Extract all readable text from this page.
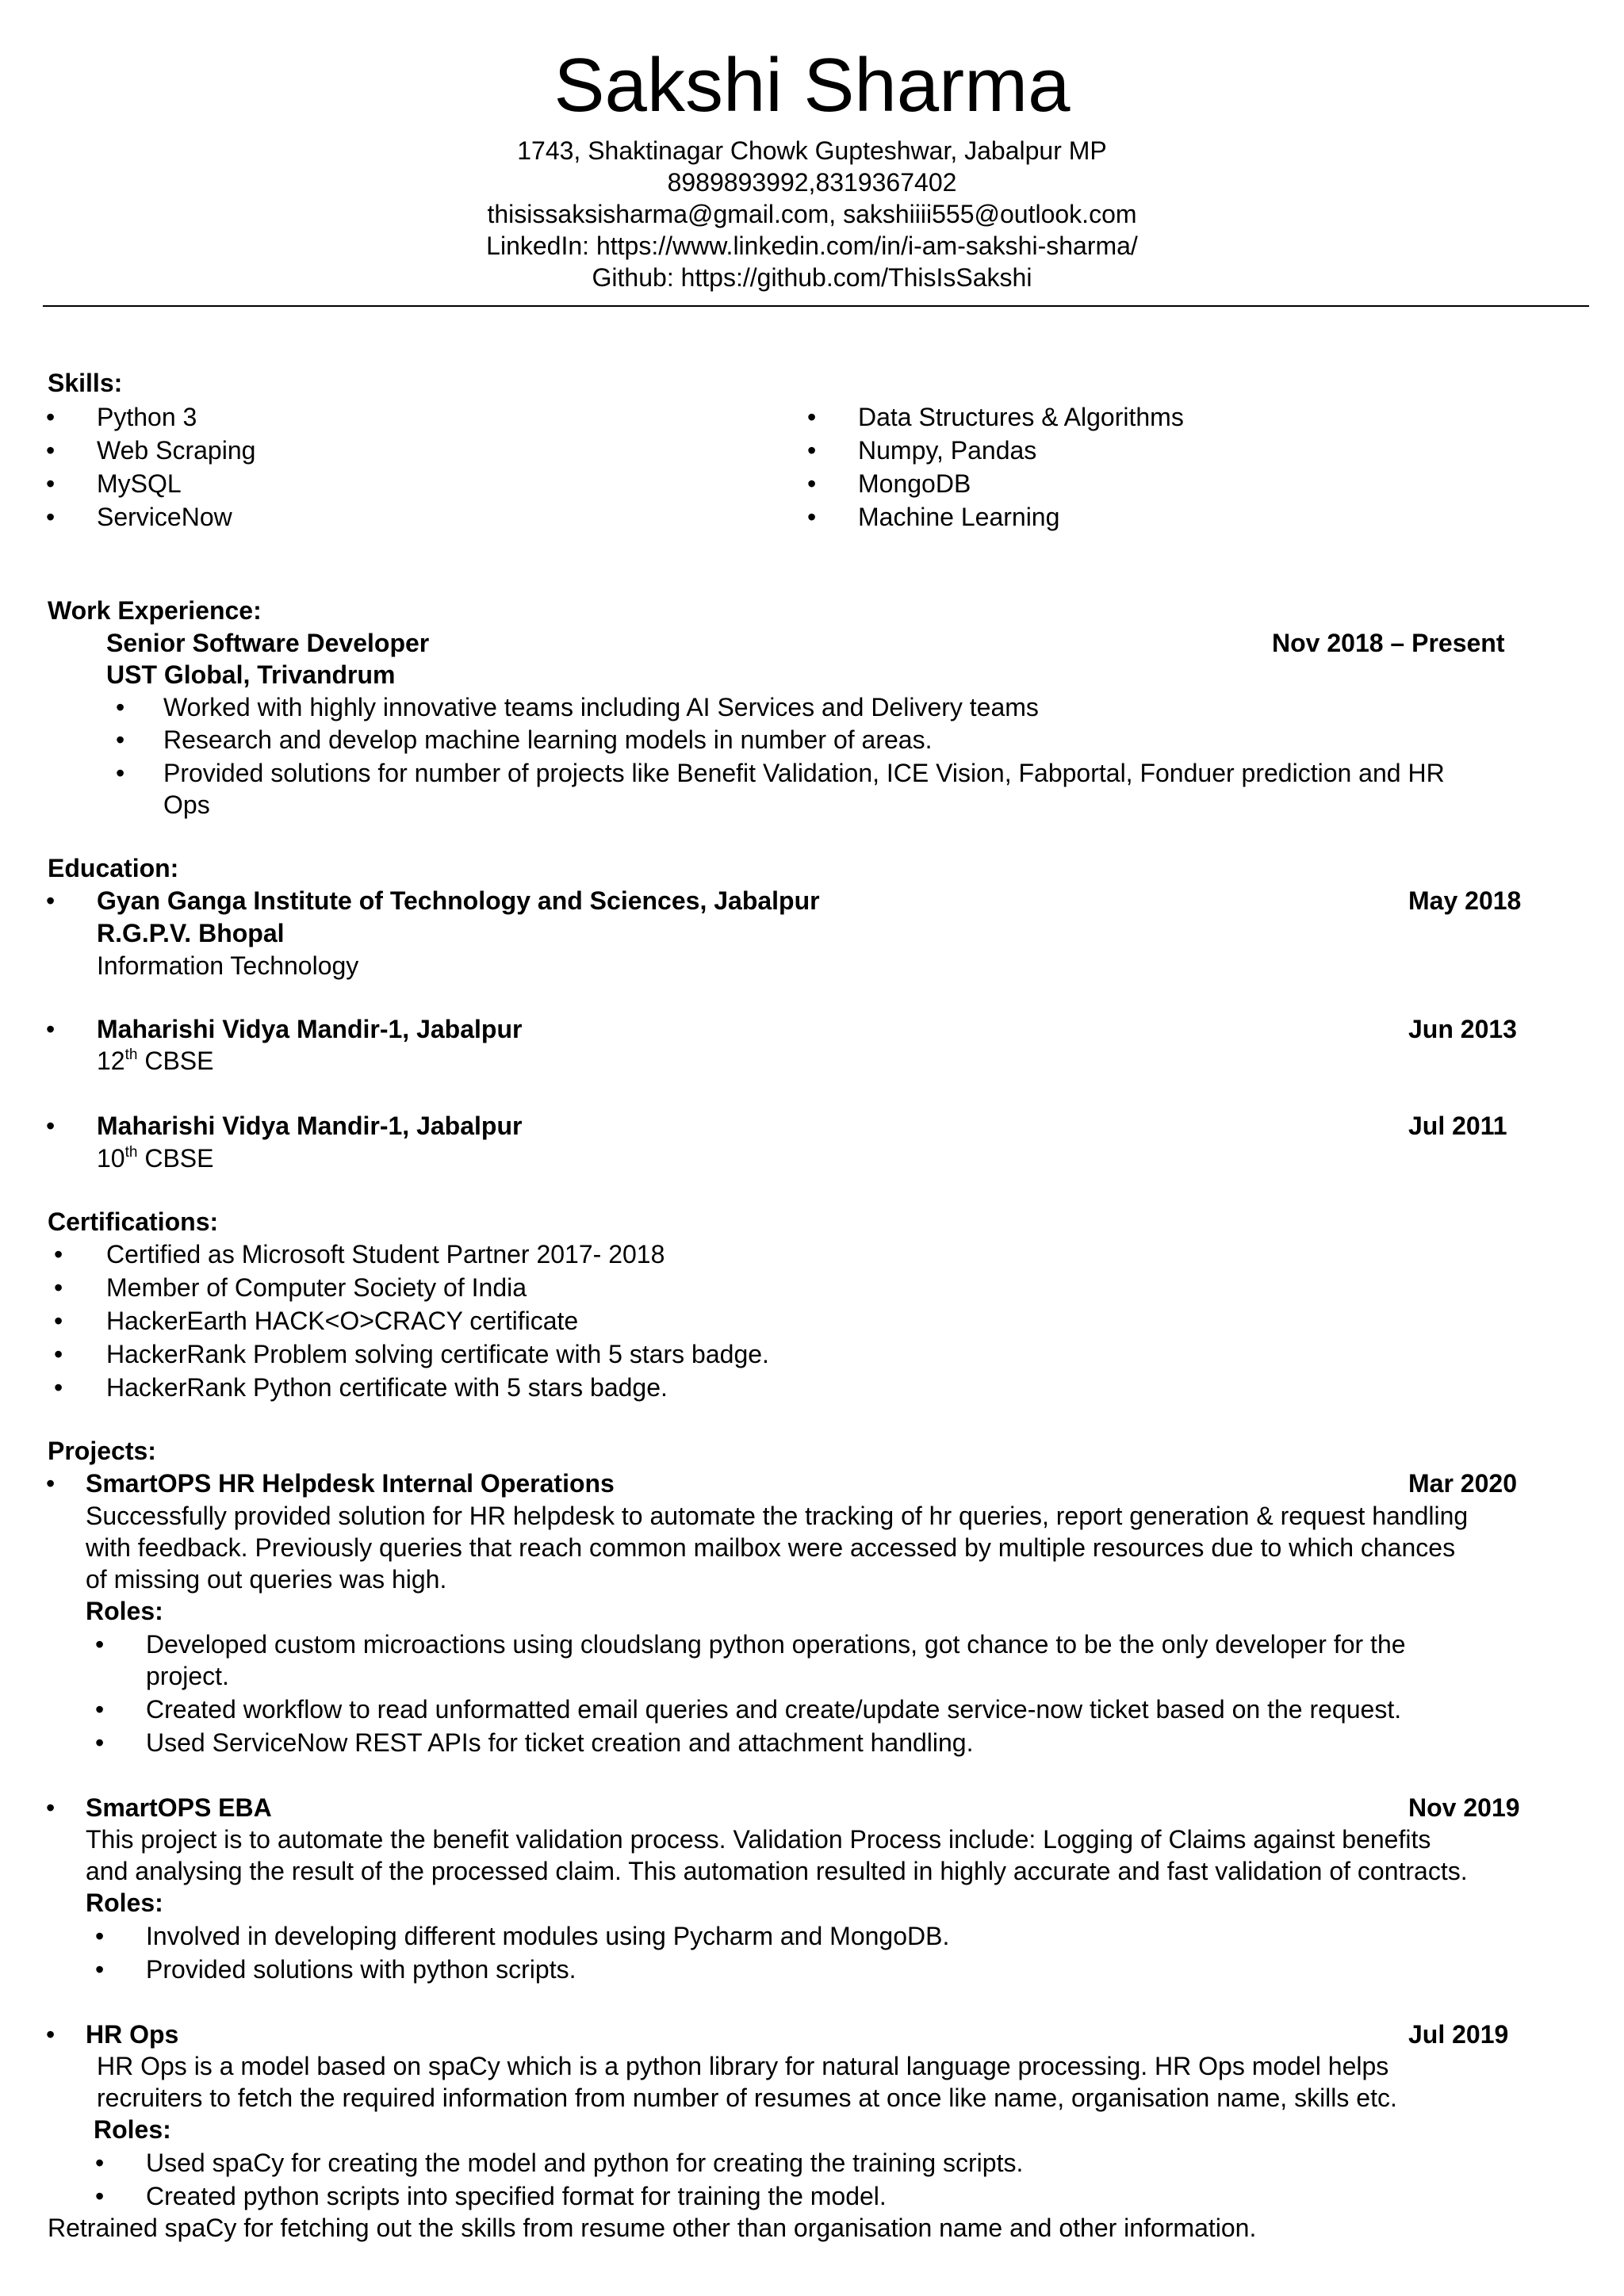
Sakshi Sharma
1743, Shaktinagar Chowk Gupteshwar, Jabalpur MP
8989893992,8319367402
thisissaksisharma@gmail.com, sakshiiii555@outlook.com
LinkedIn: https://www.linkedin.com/in/i-am-sakshi-sharma/
Github: https://github.com/ThisIsSakshi
Skills:
• Python 3
• Web Scraping
• MySQL
• ServiceNow
• Data Structures & Algorithms
• Numpy, Pandas
• MongoDB
• Machine Learning
Work Experience:
Senior Software Developer	Nov 2018 – Present
UST Global, Trivandrum
• Worked with highly innovative teams including AI Services and Delivery teams
• Research and develop machine learning models in number of areas.
• Provided solutions for number of projects like Benefit Validation, ICE Vision, Fabportal, Fonduer prediction and HR
Ops
Education:
• Gyan Ganga Institute of Technology and Sciences, Jabalpur	May 2018
R.G.P.V. Bhopal
Information Technology
• Maharishi Vidya Mandir-1, Jabalpur	Jun 2013
12th CBSE
• Maharishi Vidya Mandir-1, Jabalpur	Jul 2011
10th CBSE
Certifications:
• Certified as Microsoft Student Partner 2017- 2018
• Member of Computer Society of India
• HackerEarth HACK<O>CRACY certificate
• HackerRank Problem solving certificate with 5 stars badge.
• HackerRank Python certificate with 5 stars badge.
Projects:
• SmartOPS HR Helpdesk Internal Operations	Mar 2020
Successfully provided solution for HR helpdesk to automate the tracking of hr queries, report generation & request handling
with feedback. Previously queries that reach common mailbox were accessed by multiple resources due to which chances
of missing out queries was high.
Roles:
• Developed custom microactions using cloudslang python operations, got chance to be the only developer for the
project.
• Created workflow to read unformatted email queries and create/update service-now ticket based on the request.
• Used ServiceNow REST APIs for ticket creation and attachment handling.
• SmartOPS EBA	Nov 2019
This project is to automate the benefit validation process. Validation Process include: Logging of Claims against benefits
and analysing the result of the processed claim. This automation resulted in highly accurate and fast validation of contracts.
Roles:
• Involved in developing different modules using Pycharm and MongoDB.
• Provided solutions with python scripts.
• HR Ops	Jul 2019
HR Ops is a model based on spaCy which is a python library for natural language processing. HR Ops model helps
recruiters to fetch the required information from number of resumes at once like name, organisation name, skills etc.
Roles:
• Used spaCy for creating the model and python for creating the training scripts.
• Created python scripts into specified format for training the model.
Retrained spaCy for fetching out the skills from resume other than organisation name and other information.
